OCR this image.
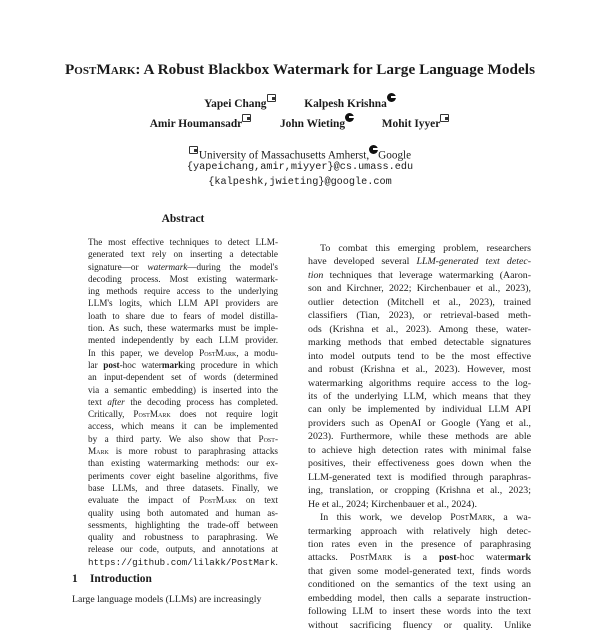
PostMark: A Robust Blackbox Watermark for Large Language Models
Yapei Chang	Kalpesh Krishna
Amir Houmansadr	John Wieting	Mohit Iyyer
University of Massachusetts Amherst, Google
{yapeichang,amir,miyyer}@cs.umass.edu
{kalpeshk,jwieting}@google.com
Abstract
The most effective techniques to detect LLM-
generated text rely on inserting a detectable
signature—or watermark—during the model's
decoding process. Most existing watermark-
ing methods require access to the underlying
LLM's logits, which LLM API providers are
loath to share due to fears of model distilla-
tion. As such, these watermarks must be imple-
mented independently by each LLM provider.
In this paper, we develop PostMark, a modu-
lar post-hoc watermarking procedure in which
an input-dependent set of words (determined
via a semantic embedding) is inserted into the
text after the decoding process has completed.
Critically, PostMark does not require logit
access, which means it can be implemented
by a third party. We also show that Post-
Mark is more robust to paraphrasing attacks
than existing watermarking methods: our ex-
periments cover eight baseline algorithms, five
base LLMs, and three datasets. Finally, we
evaluate the impact of PostMark on text
quality using both automated and human as-
sessments, highlighting the trade-off between
quality and robustness to paraphrasing. We
release our code, outputs, and annotations at
https://github.com/lilakk/PostMark.
To combat this emerging problem, researchers
have developed several LLM-generated text detec-
tion techniques that leverage watermarking (Aaron-
son and Kirchner, 2022; Kirchenbauer et al., 2023),
outlier detection (Mitchell et al., 2023), trained
classifiers (Tian, 2023), or retrieval-based meth-
ods (Krishna et al., 2023). Among these, water-
marking methods that embed detectable signatures
into model outputs tend to be the most effective
and robust (Krishna et al., 2023). However, most
watermarking algorithms require access to the log-
its of the underlying LLM, which means that they
can only be implemented by individual LLM API
providers such as OpenAI or Google (Yang et al.,
2023). Furthermore, while these methods are able
to achieve high detection rates with minimal false
positives, their effectiveness goes down when the
LLM-generated text is modified through paraphras-
ing, translation, or cropping (Krishna et al., 2023;
He et al., 2024; Kirchenbauer et al., 2024).
In this work, we develop PostMark, a wa-
termarking approach with relatively high detec-
tion rates even in the presence of paraphrasing
attacks. PostMark is a post-hoc watermark
that given some model-generated text, finds words
conditioned on the semantics of the text using an
embedding model, then calls a separate instruction-
following LLM to insert these words into the text
without sacrificing fluency or quality. Unlike
1 Introduction
Large language models (LLMs) are increasingly
